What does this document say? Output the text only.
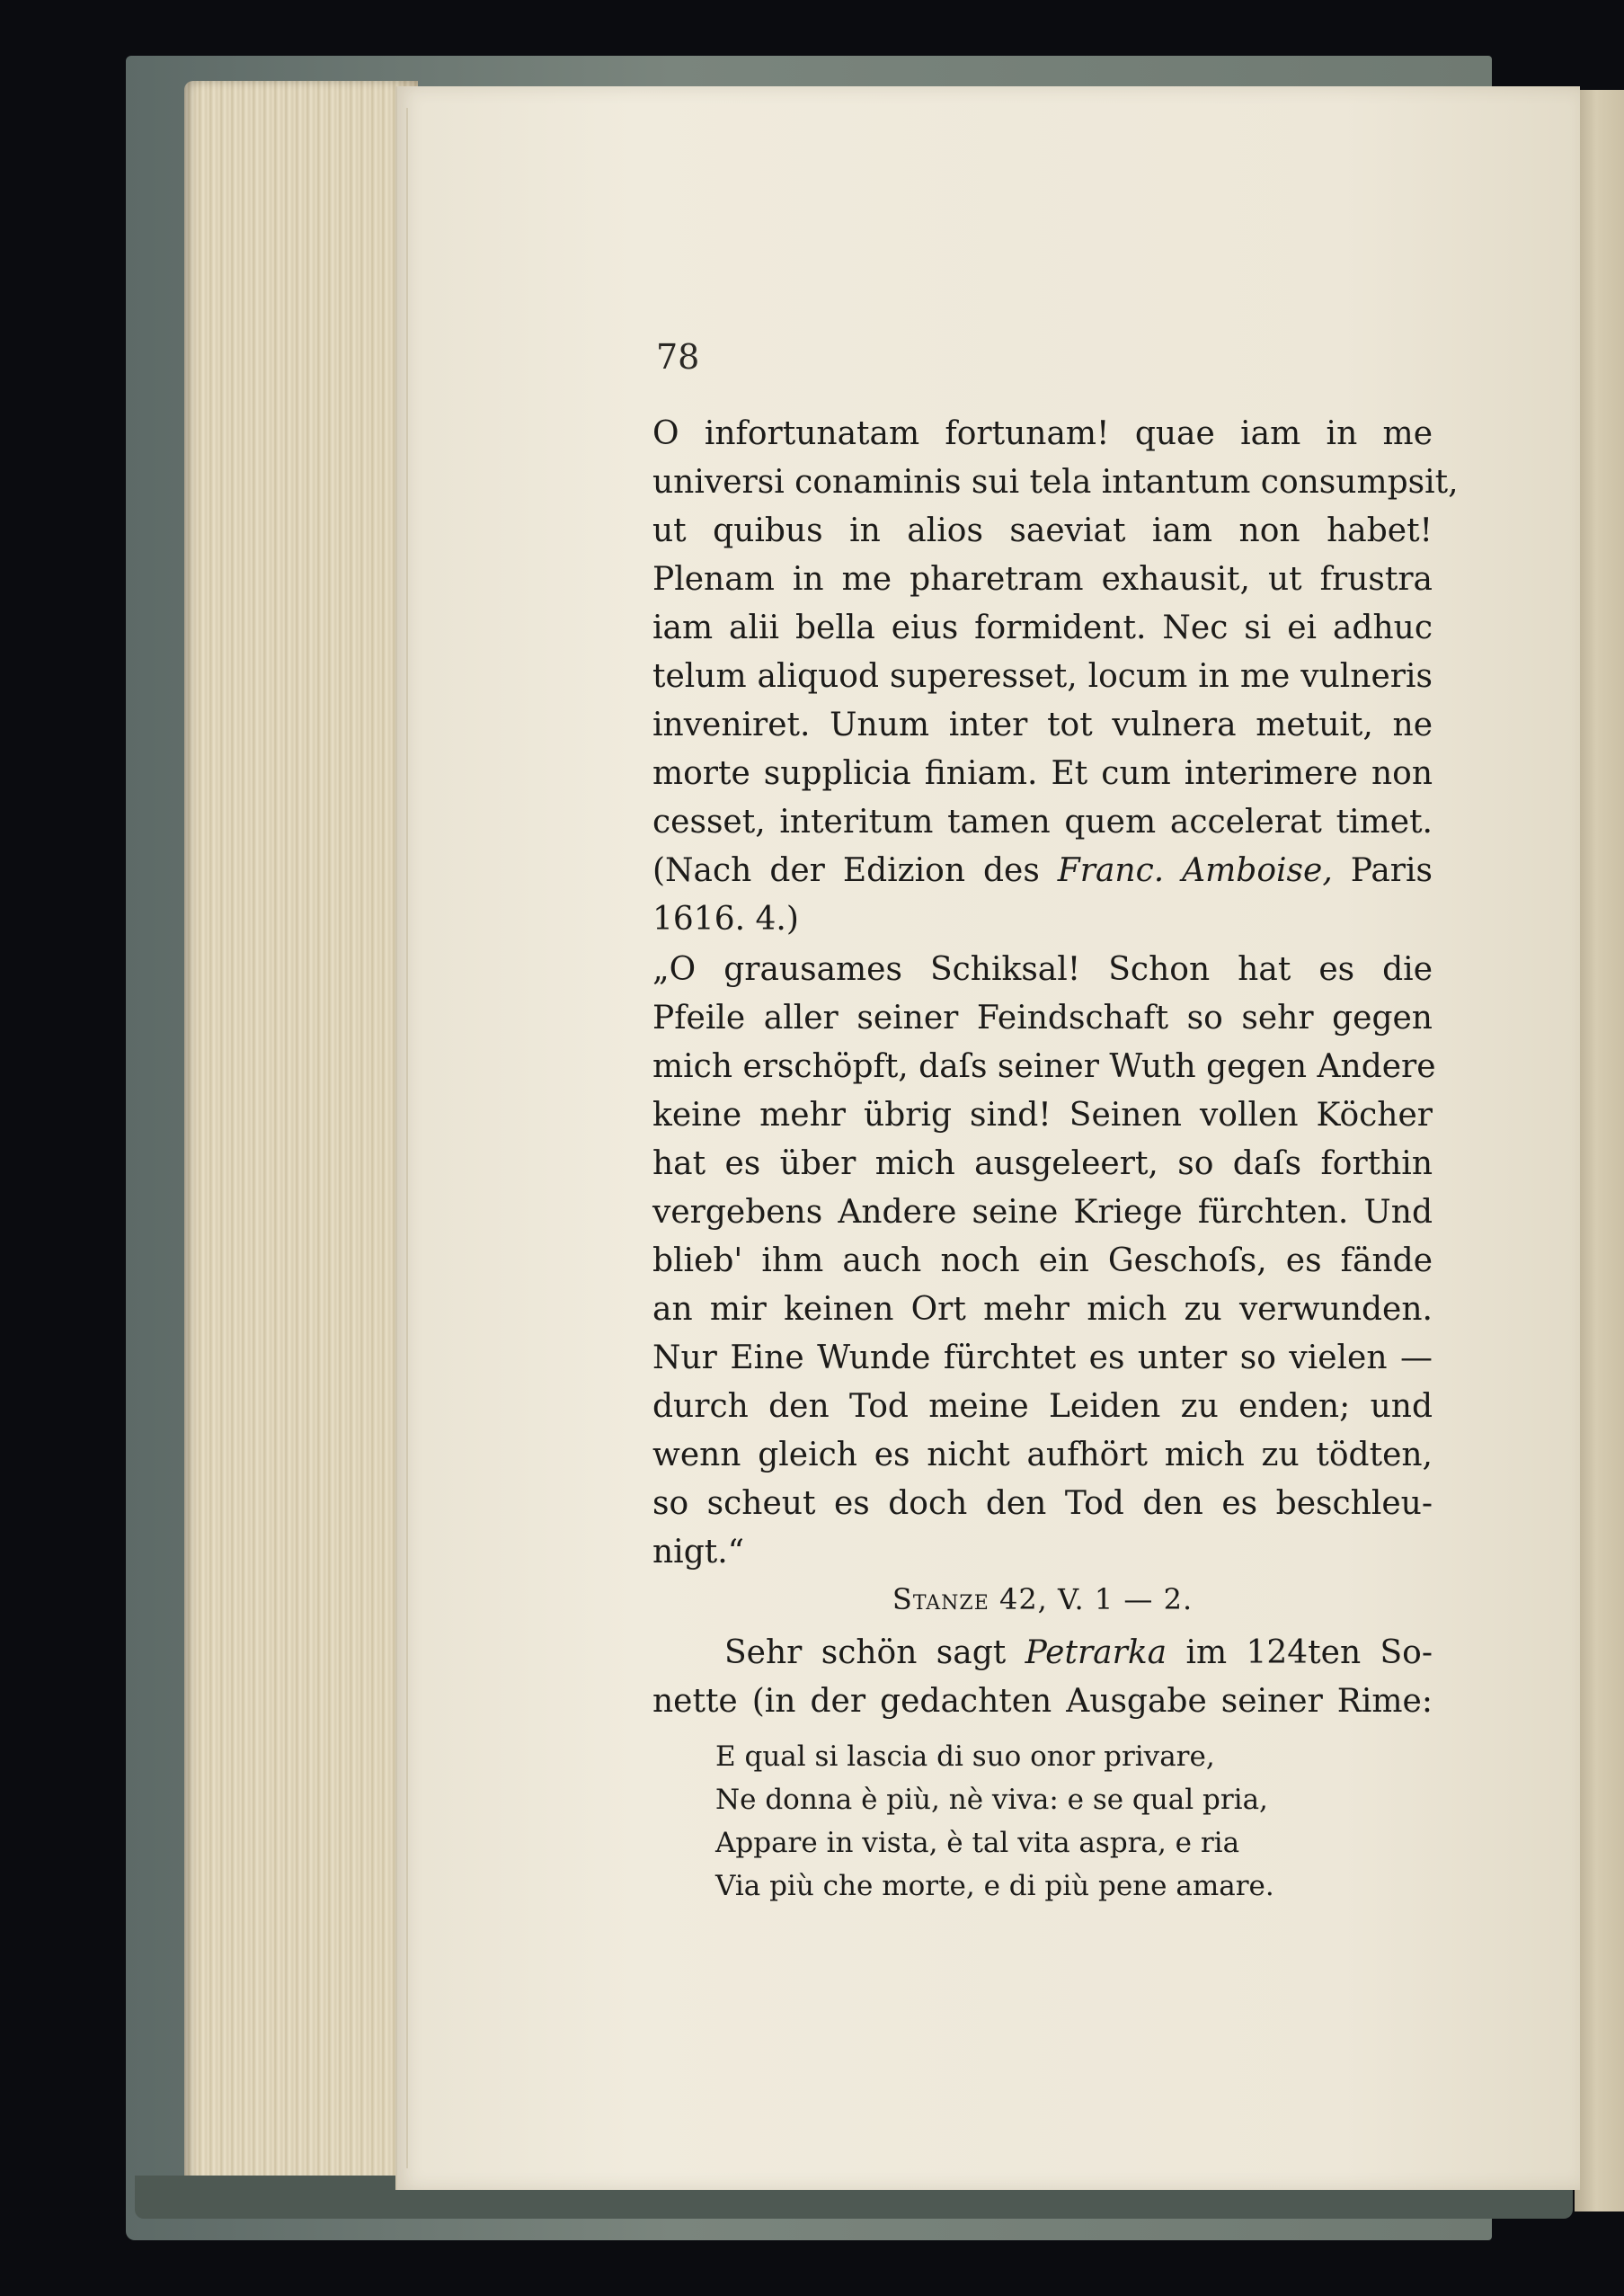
78
O infortunatam fortunam! quae iam in me
universi conaminis sui tela intantum consumpsit,
ut quibus in alios saeviat iam non habet!
Plenam in me pharetram exhausit, ut frustra
iam alii bella eius formident. Nec si ei adhuc
telum aliquod superesset, locum in me vulneris
inveniret. Unum inter tot vulnera metuit, ne
morte supplicia finiam. Et cum interimere non
cesset, interitum tamen quem accelerat timet.
(Nach der Edizion des Franc. Amboise, Paris
1616. 4.)
„O grausames Schiksal! Schon hat es die
Pfeile aller seiner Feindschaft so sehr gegen
mich erschöpft, daſs seiner Wuth gegen Andere
keine mehr übrig sind! Seinen vollen Köcher
hat es über mich ausgeleert, so daſs forthin
vergebens Andere seine Kriege fürchten. Und
blieb' ihm auch noch ein Geschoſs, es fände
an mir keinen Ort mehr mich zu verwunden.
Nur Eine Wunde fürchtet es unter so vielen —
durch den Tod meine Leiden zu enden; und
wenn gleich es nicht aufhört mich zu tödten,
so scheut es doch den Tod den es beschleu-
nigt.“
Stanze 42, V. 1 — 2.
Sehr schön sagt Petrarka im 124ten So-
nette (in der gedachten Ausgabe seiner Rime:
E qual si lascia di suo onor privare,
Ne donna è più, nè viva: e se qual pria,
Appare in vista, è tal vita aspra, e ria
Via più che morte, e di più pene amare.
